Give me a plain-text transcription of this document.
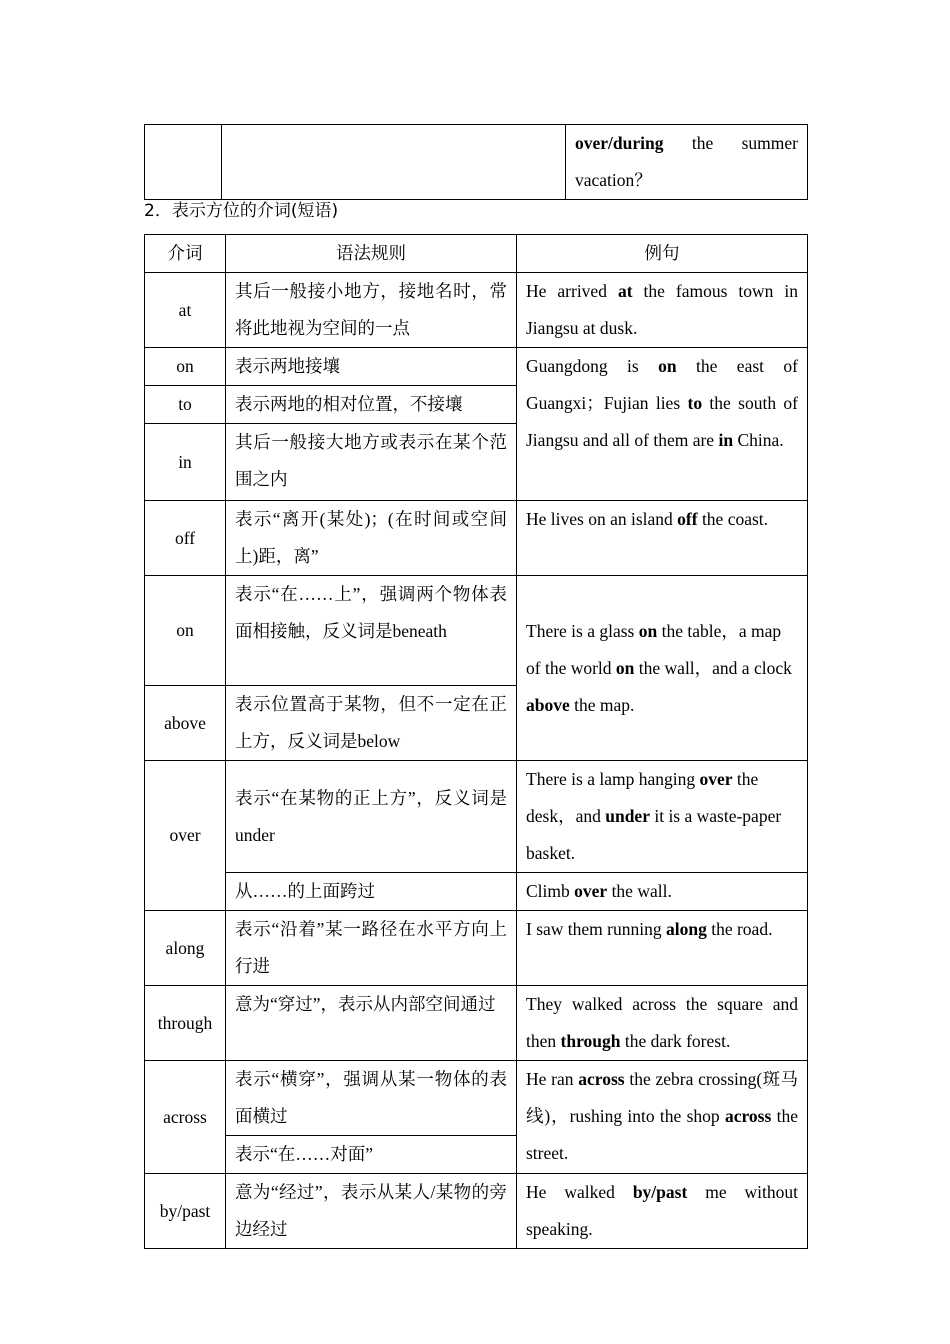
		over/during the summer vacation？
2．表示方位的介词(短语)
介词	语法规则	例句
at	其后一般接小地方，接地名时，常将此地视为空间的一点	He arrived at the famous town in Jiangsu at dusk.
on	表示两地接壤	Guangdong is on the east of Guangxi；Fujian lies to the south of Jiangsu and all of them are in China.
to	表示两地的相对位置，不接壤	
in	其后一般接大地方或表示在某个范围之内	
off	表示“离开(某处)；(在时间或空间上)距，离”	He lives on an island off the coast.
on	表示“在……上”，强调两个物体表面相接触，反义词是beneath	There is a glass on the table，a map of the world on the wall，and a clock above the map.
above	表示位置高于某物，但不一定在正上方，反义词是below	
over	表示“在某物的正上方”，反义词是under	There is a lamp hanging over the desk，and under it is a waste-paper basket.
	从……的上面跨过	Climb over the wall.
along	表示“沿着”某一路径在水平方向上行进	I saw them running along the road.
through	意为“穿过”，表示从内部空间通过	They walked across the square and then through the dark forest.
across	表示“横穿”，强调从某一物体的表面横过	He ran across the zebra crossing(斑马线)，rushing into the shop across the street.
	表示“在……对面”	
by/past	意为“经过”，表示从某人/某物的旁边经过	He walked by/past me without speaking.
